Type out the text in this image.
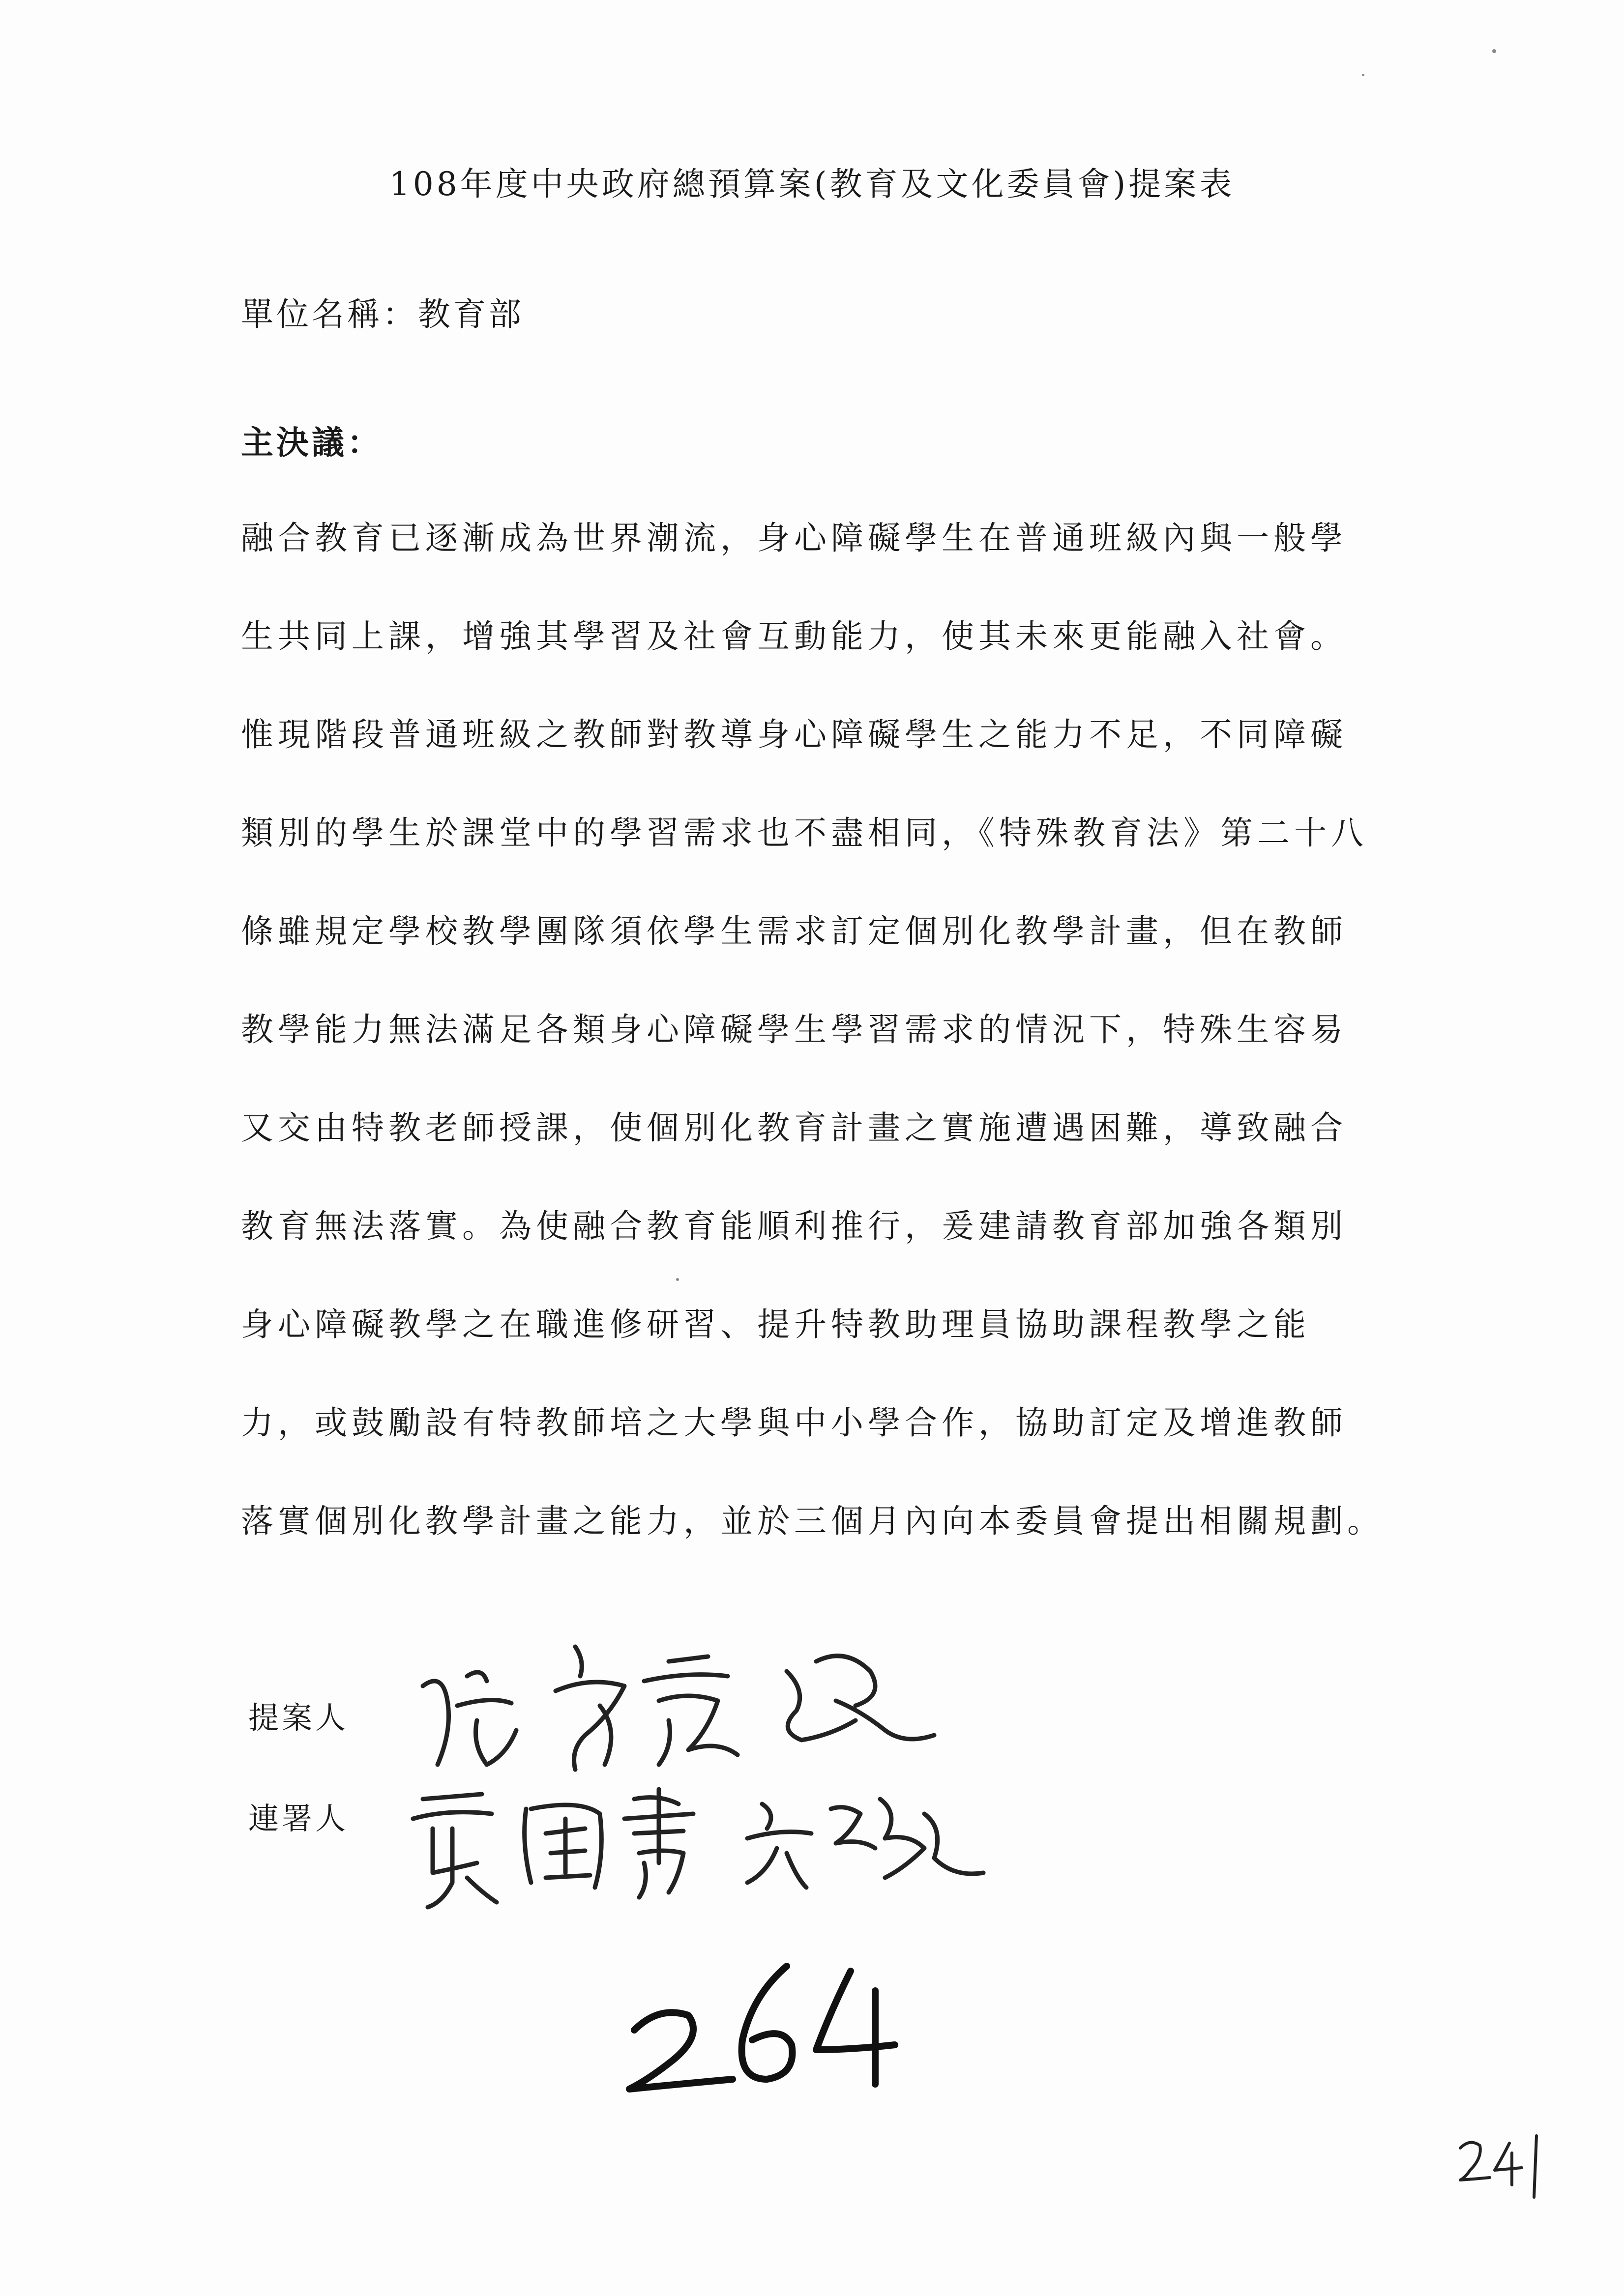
108年度中央政府總預算案(教育及文化委員會)提案表
單位名稱：教育部
主決議：
融合教育已逐漸成為世界潮流，身心障礙學生在普通班級內與一般學
生共同上課，增強其學習及社會互動能力，使其未來更能融入社會。
惟現階段普通班級之教師對教導身心障礙學生之能力不足，不同障礙
類別的學生於課堂中的學習需求也不盡相同，《特殊教育法》第二十八
條雖規定學校教學團隊須依學生需求訂定個別化教學計畫，但在教師
教學能力無法滿足各類身心障礙學生學習需求的情況下，特殊生容易
又交由特教老師授課，使個別化教育計畫之實施遭遇困難，導致融合
教育無法落實。為使融合教育能順利推行，爰建請教育部加強各類別
身心障礙教學之在職進修研習、提升特教助理員協助課程教學之能
力，或鼓勵設有特教師培之大學與中小學合作，協助訂定及增進教師
落實個別化教學計畫之能力，並於三個月內向本委員會提出相關規劃。
提案人
連署人
